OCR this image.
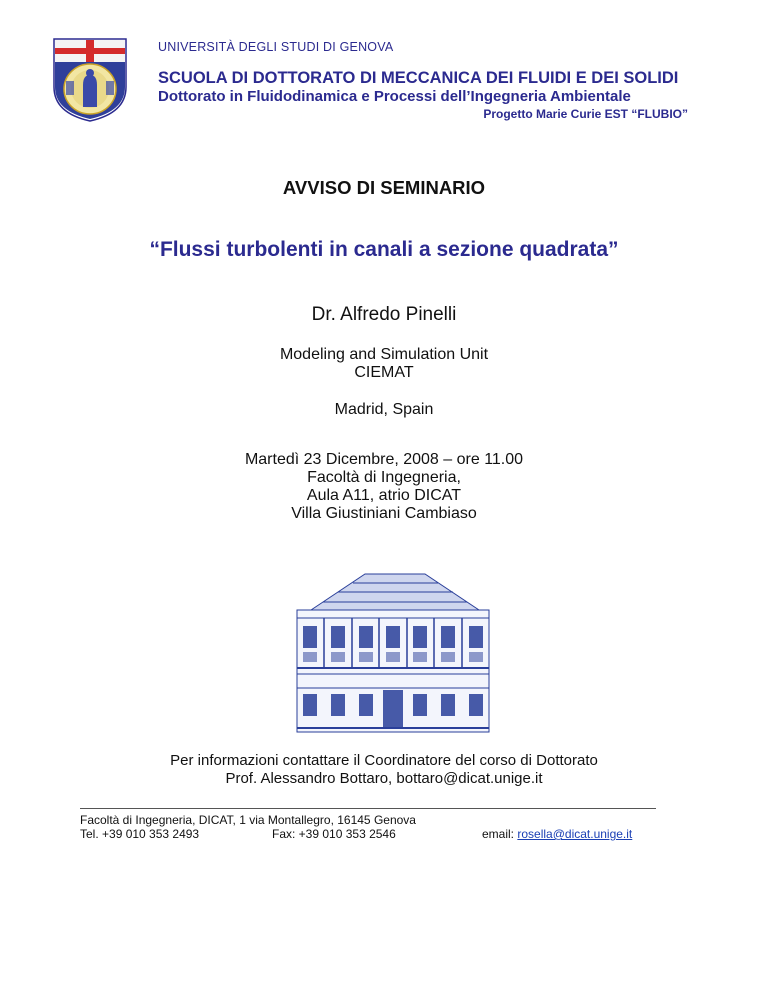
UNIVERSITÀ DEGLI STUDI DI GENOVA
SCUOLA DI DOTTORATO DI MECCANICA DEI FLUIDI E DEI SOLIDI
Dottorato in Fluidodinamica e Processi dell’Ingegneria Ambientale
Progetto Marie Curie EST “FLUBIO”
AVVISO DI SEMINARIO
“Flussi turbolenti in canali a sezione quadrata”
Dr. Alfredo Pinelli
Modeling and Simulation Unit
CIEMAT
Madrid, Spain
Martedì 23 Dicembre, 2008 – ore 11.00
Facoltà di Ingegneria,
Aula A11, atrio DICAT
Villa Giustiniani Cambiaso
Per informazioni contattare il Coordinatore del corso di Dottorato
Prof. Alessandro Bottaro, bottaro@dicat.unige.it
Facoltà di Ingegneria, DICAT, 1 via Montallegro, 16145 Genova
Tel. +39 010 353 2493	Fax: +39 010 353 2546	email: rosella@dicat.unige.it
